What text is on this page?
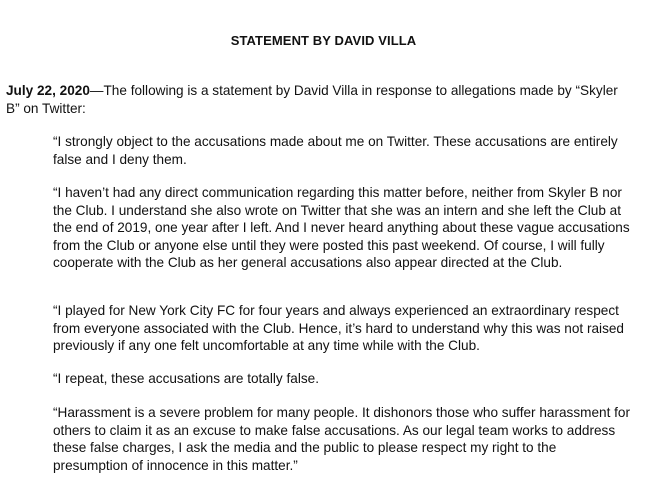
STATEMENT BY DAVID VILLA

July 22, 2020—The following is a statement by David Villa in response to allegations made by “Skyler B” on Twitter:

“I strongly object to the accusations made about me on Twitter. These accusations are entirely false and I deny them.

“I haven’t had any direct communication regarding this matter before, neither from Skyler B nor the Club. I understand she also wrote on Twitter that she was an intern and she left the Club at the end of 2019, one year after I left. And I never heard anything about these vague accusations from the Club or anyone else until they were posted this past weekend. Of course, I will fully cooperate with the Club as her general accusations also appear directed at the Club.

“I played for New York City FC for four years and always experienced an extraordinary respect from everyone associated with the Club. Hence, it’s hard to understand why this was not raised previously if any one felt uncomfortable at any time while with the Club.

“I repeat, these accusations are totally false.

“Harassment is a severe problem for many people. It dishonors those who suffer harassment for others to claim it as an excuse to make false accusations. As our legal team works to address these false charges, I ask the media and the public to please respect my right to the presumption of innocence in this matter.”
